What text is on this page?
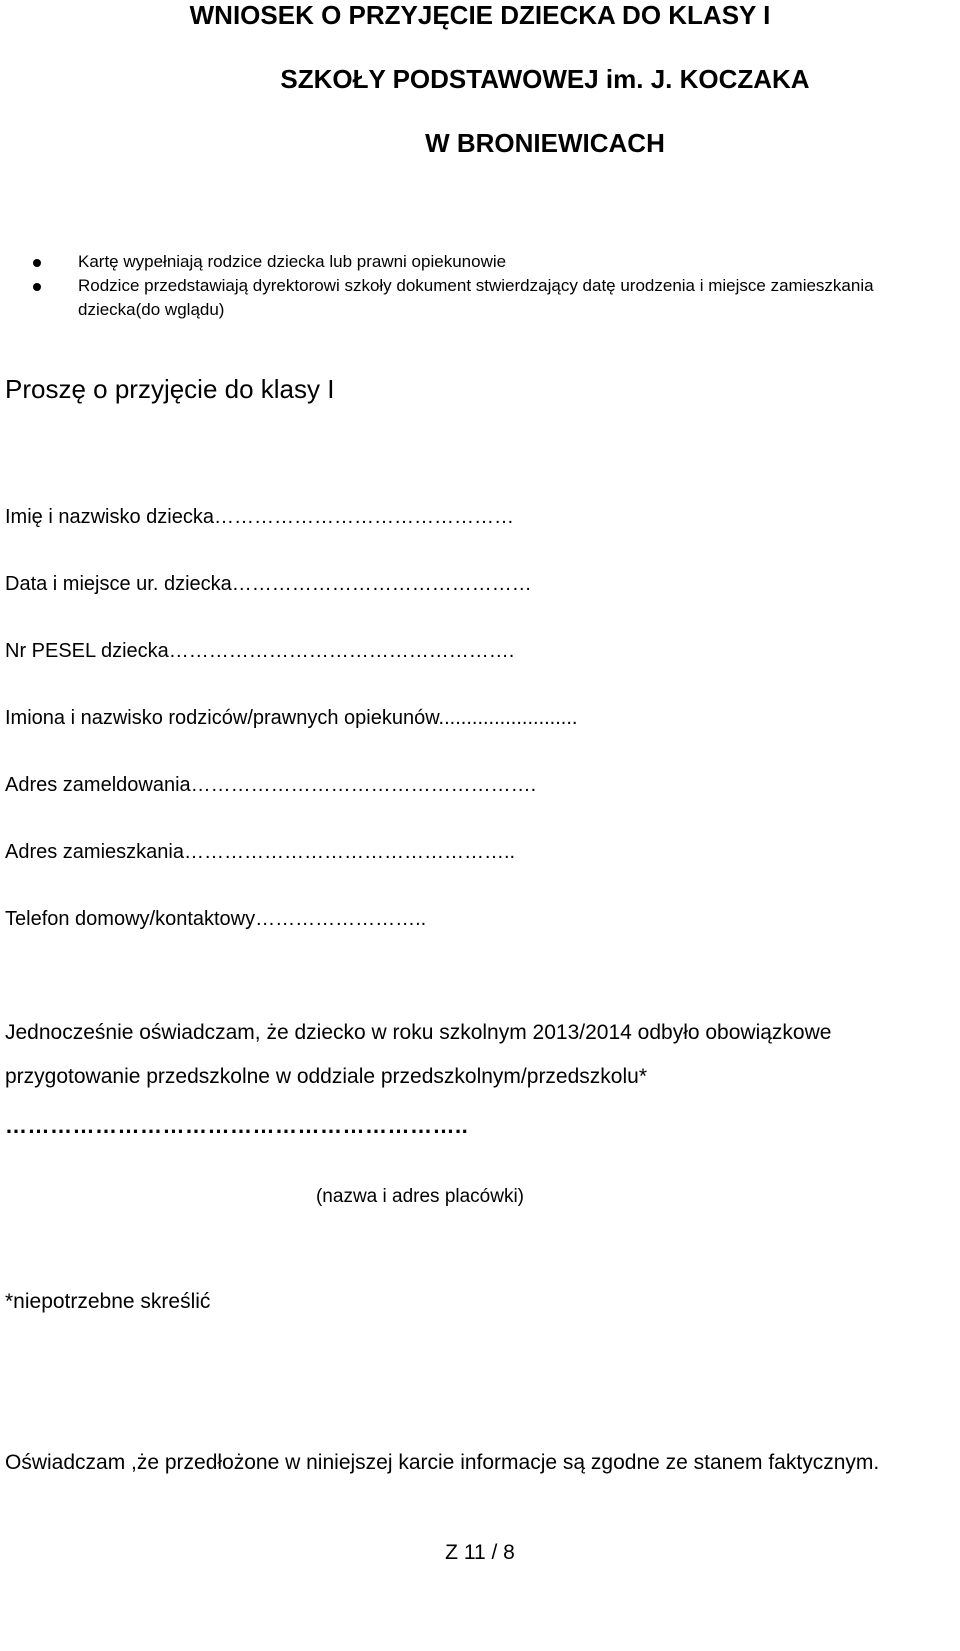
WNIOSEK O PRZYJĘCIE DZIECKA DO KLASY I

SZKOŁY PODSTAWOWEJ im. J. KOCZAKA

W BRONIEWICACH

Kartę wypełniają rodzice dziecka lub prawni opiekunowie
Rodzice przedstawiają dyrektorowi szkoły dokument stwierdzający datę urodzenia i miejsce zamieszkania dziecka(do wglądu)

Proszę o przyjęcie do klasy I

Imię i nazwisko dziecka………………………………………

Data i miejsce ur. dziecka………………………………………

Nr PESEL dziecka…………………………………………….

Imiona i nazwisko rodziców/prawnych opiekunów.........................

Adres zameldowania…………………………………………….

Adres zamieszkania…………………………………………..

Telefon domowy/kontaktowy……………………..

Jednocześnie oświadczam, że dziecko w roku szkolnym 2013/2014 odbyło obowiązkowe

przygotowanie przedszkolne w oddziale przedszkolnym/przedszkolu*

……………………………………………………..

(nazwa i adres placówki)

*niepotrzebne skreślić

Oświadczam ,że przedłożone w niniejszej karcie informacje są zgodne ze stanem faktycznym.

Z 11 / 8
